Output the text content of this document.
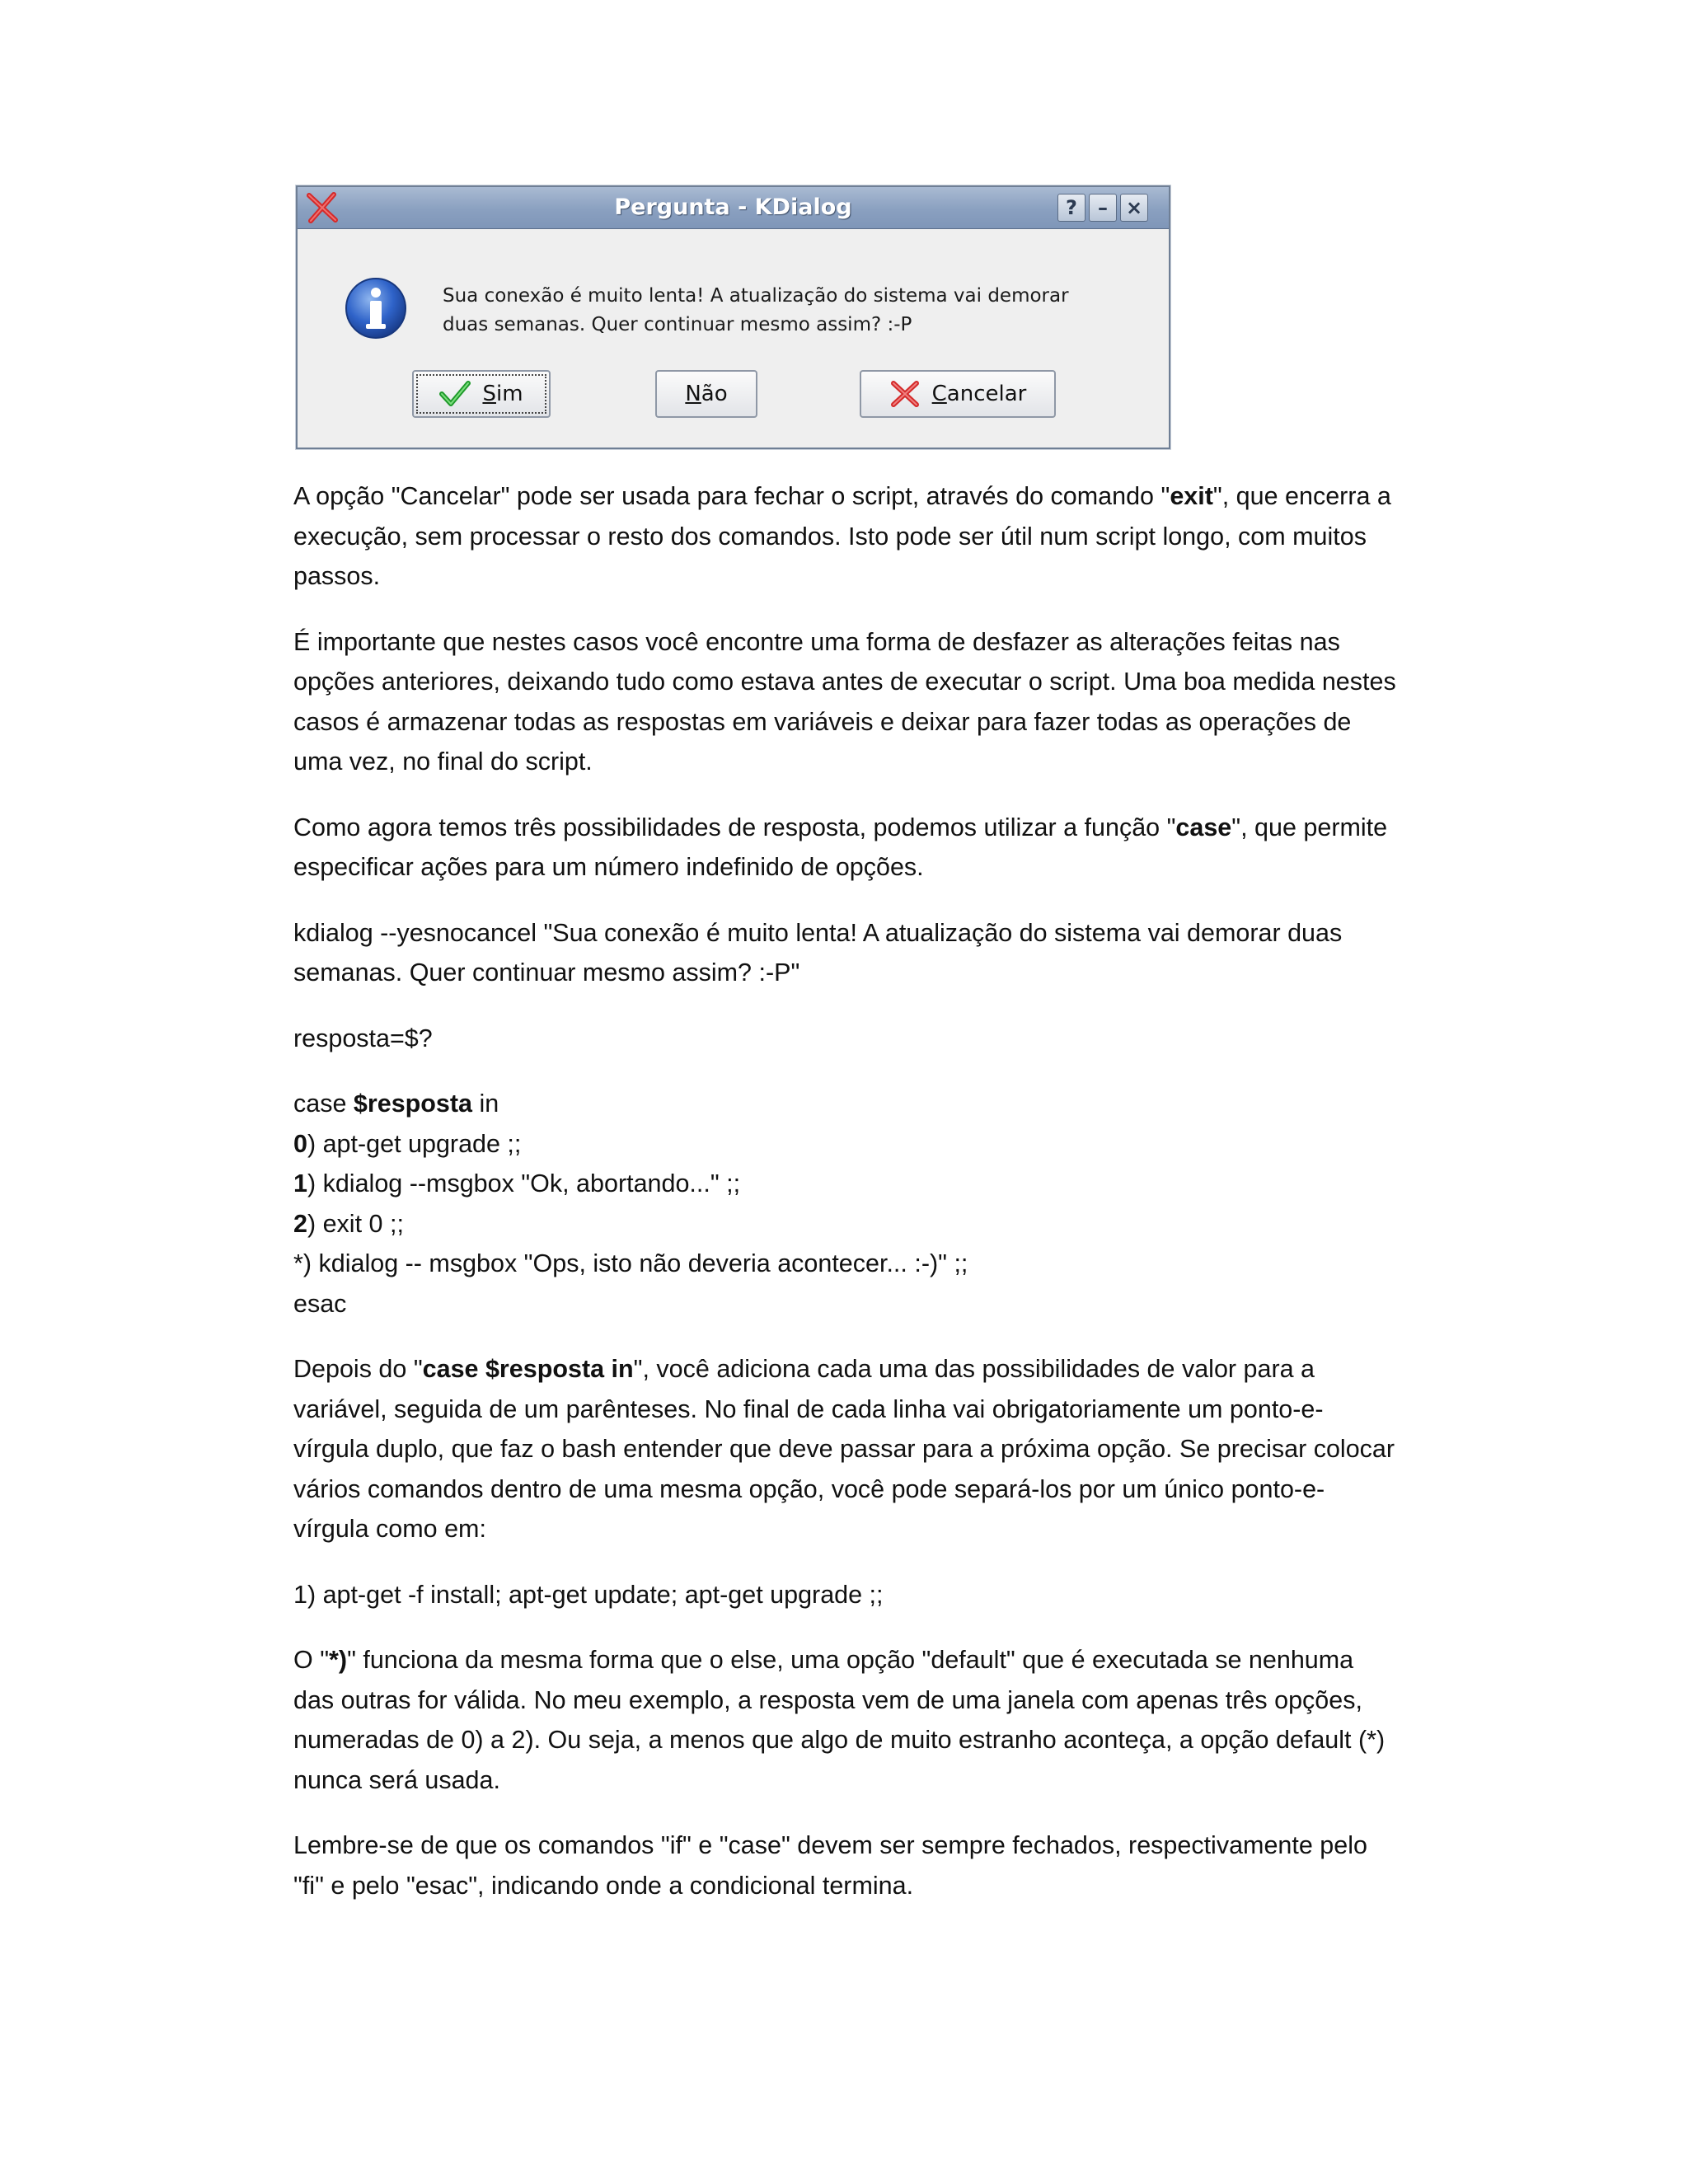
Pergunta - KDialog	?	– ×
Sua conexão é muito lenta! A atualização do sistema vai demorar duas semanas. Quer continuar mesmo assim? :-P
Sim	Não	Cancelar

A opção "Cancelar" pode ser usada para fechar o script, através do comando "exit", que encerra a execução, sem processar o resto dos comandos. Isto pode ser útil num script longo, com muitos passos.

É importante que nestes casos você encontre uma forma de desfazer as alterações feitas nas opções anteriores, deixando tudo como estava antes de executar o script. Uma boa medida nestes casos é armazenar todas as respostas em variáveis e deixar para fazer todas as operações de uma vez, no final do script.

Como agora temos três possibilidades de resposta, podemos utilizar a função "case", que permite especificar ações para um número indefinido de opções.

kdialog --yesnocancel "Sua conexão é muito lenta! A atualização do sistema vai demorar duas semanas. Quer continuar mesmo assim? :-P"

resposta=$?

case $resposta in
0) apt-get upgrade ;;
1) kdialog --msgbox "Ok, abortando..." ;;
2) exit 0 ;;
*) kdialog -- msgbox "Ops, isto não deveria acontecer... :-)" ;;
esac

Depois do "case $resposta in", você adiciona cada uma das possibilidades de valor para a variável, seguida de um parênteses. No final de cada linha vai obrigatoriamente um ponto-e-vírgula duplo, que faz o bash entender que deve passar para a próxima opção. Se precisar colocar vários comandos dentro de uma mesma opção, você pode separá-los por um único ponto-e-vírgula como em:

1) apt-get -f install; apt-get update; apt-get upgrade ;;

O "*)" funciona da mesma forma que o else, uma opção "default" que é executada se nenhuma das outras for válida. No meu exemplo, a resposta vem de uma janela com apenas três opções, numeradas de 0) a 2). Ou seja, a menos que algo de muito estranho aconteça, a opção default (*) nunca será usada.

Lembre-se de que os comandos "if" e "case" devem ser sempre fechados, respectivamente pelo "fi" e pelo "esac", indicando onde a condicional termina.
